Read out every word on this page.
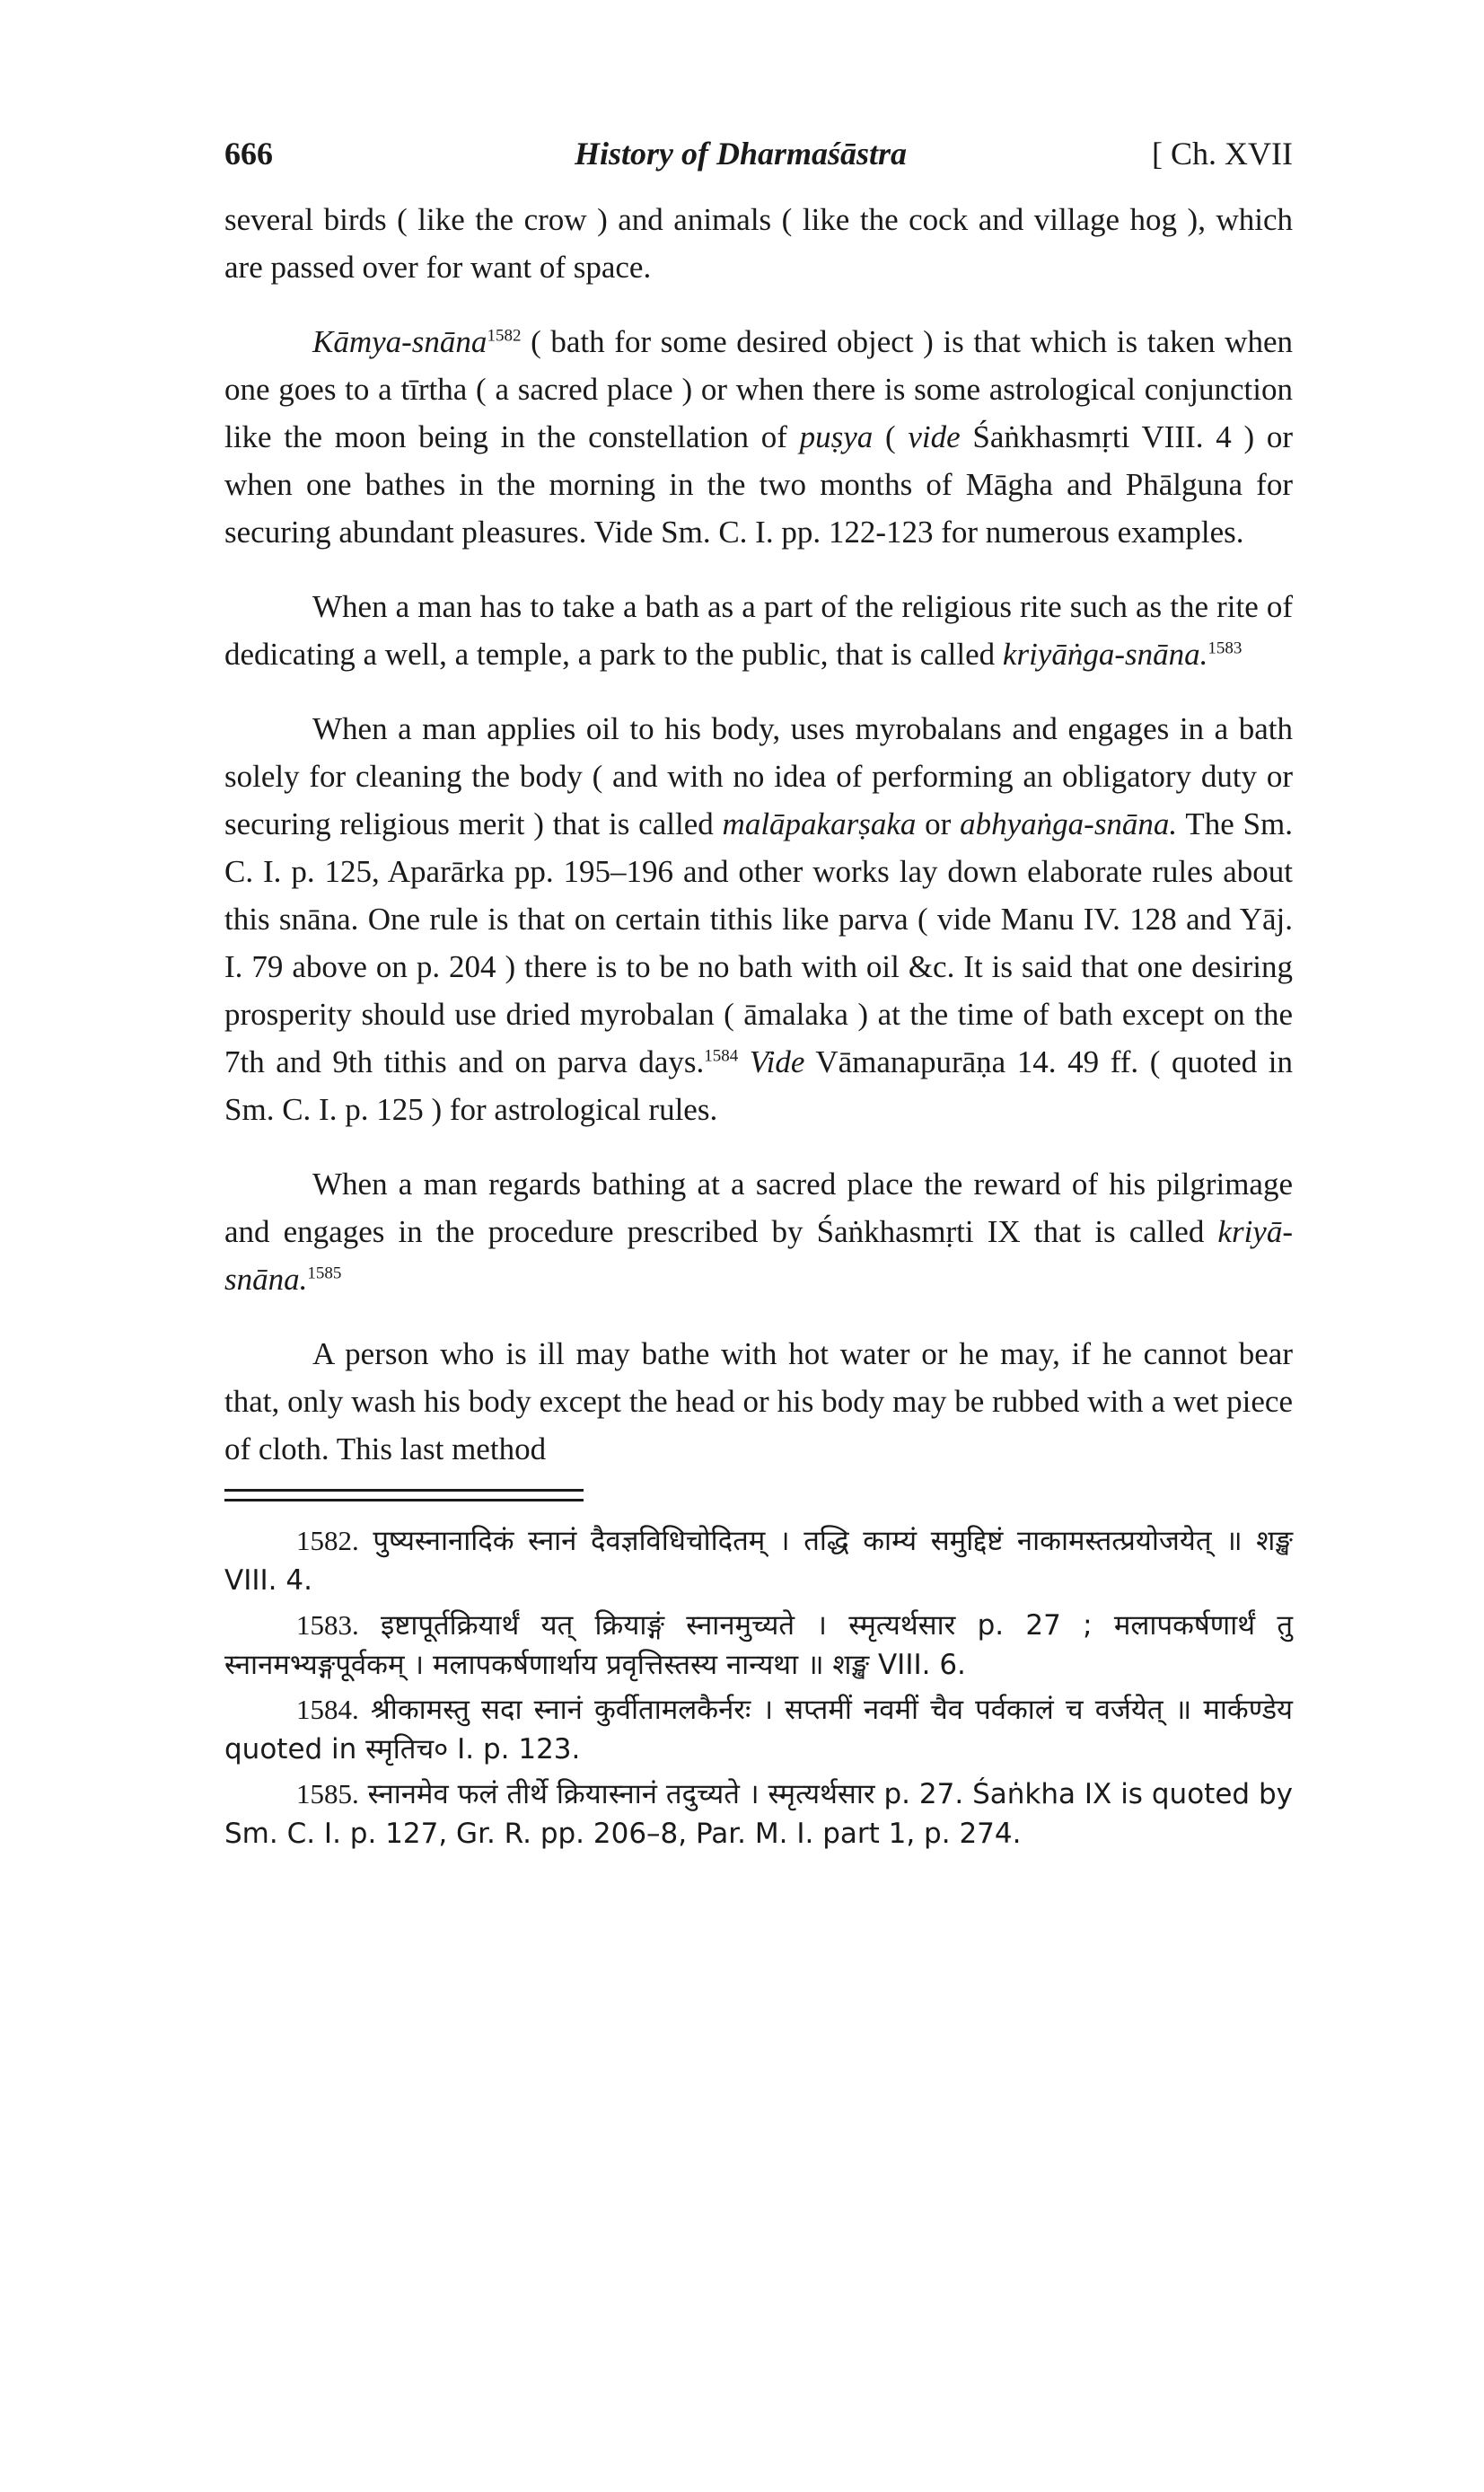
666	History of Dharmaśāstra	[ Ch. XVII

several birds ( like the crow ) and animals ( like the cock and village hog ), which are passed over for want of space.

Kāmya-snāna$^{1582}$ ( bath for some desired object ) is that which is taken when one goes to a tīrtha ( a sacred place ) or when there is some astrological conjunction like the moon being in the constellation of puṣya ( vide Śaṅkhasmṛti VIII. 4 ) or when one bathes in the morning in the two months of Māgha and Phālguna for securing abundant pleasures. Vide Sm. C. I. pp. 122-123 for numerous examples.

When a man has to take a bath as a part of the religious rite such as the rite of dedicating a well, a temple, a park to the public, that is called kriyāṅga-snāna.$^{1583}$

When a man applies oil to his body, uses myrobalans and engages in a bath solely for cleaning the body ( and with no idea of performing an obligatory duty or securing religious merit ) that is called malāpakarṣaka or abhyaṅga-snāna. The Sm. C. I. p. 125, Aparārka pp. 195–196 and other works lay down elaborate rules about this snāna. One rule is that on certain tithis like parva ( vide Manu IV. 128 and Yāj. I. 79 above on p. 204 ) there is to be no bath with oil &c. It is said that one desiring prosperity should use dried myrobalan ( āmalaka ) at the time of bath except on the 7th and 9th tithis and on parva days.$^{1584}$ Vide Vāmanapurāṇa 14. 49 ff. ( quoted in Sm. C. I. p. 125 ) for astrological rules.

When a man regards bathing at a sacred place the reward of his pilgrimage and engages in the procedure prescribed by Śaṅkhasmṛti IX that is called kriyā-snāna.$^{1585}$

A person who is ill may bathe with hot water or he may, if he cannot bear that, only wash his body except the head or his body may be rubbed with a wet piece of cloth. This last method

1582. पुष्यस्नानादिकं स्नानं दैवज्ञविधिचोदितम् । तद्धि काम्यं समुद्दिष्टं नाकामस्तत्प्रयोजयेत् ॥ शङ्ख VIII. 4.

1583. इष्टापूर्तक्रियार्थं यत् क्रियाङ्गं स्नानमुच्यते । स्मृत्यर्थसार p. 27 ; मलापकर्षणार्थं तु स्नानमभ्यङ्गपूर्वकम् । मलापकर्षणार्थाय प्रवृत्तिस्तस्य नान्यथा ॥ शङ्ख VIII. 6.

1584. श्रीकामस्तु सदा स्नानं कुर्वीतामलकैर्नरः । सप्तमीं नवमीं चैव पर्वकालं च वर्जयेत् ॥ मार्कण्डेय quoted in स्मृतिच० I. p. 123.

1585. स्नानमेव फलं तीर्थे क्रियास्नानं तदुच्यते । स्मृत्यर्थसार p. 27. Śaṅkha IX is quoted by Sm. C. I. p. 127, Gr. R. pp. 206–8, Par. M. I. part 1, p. 274.
